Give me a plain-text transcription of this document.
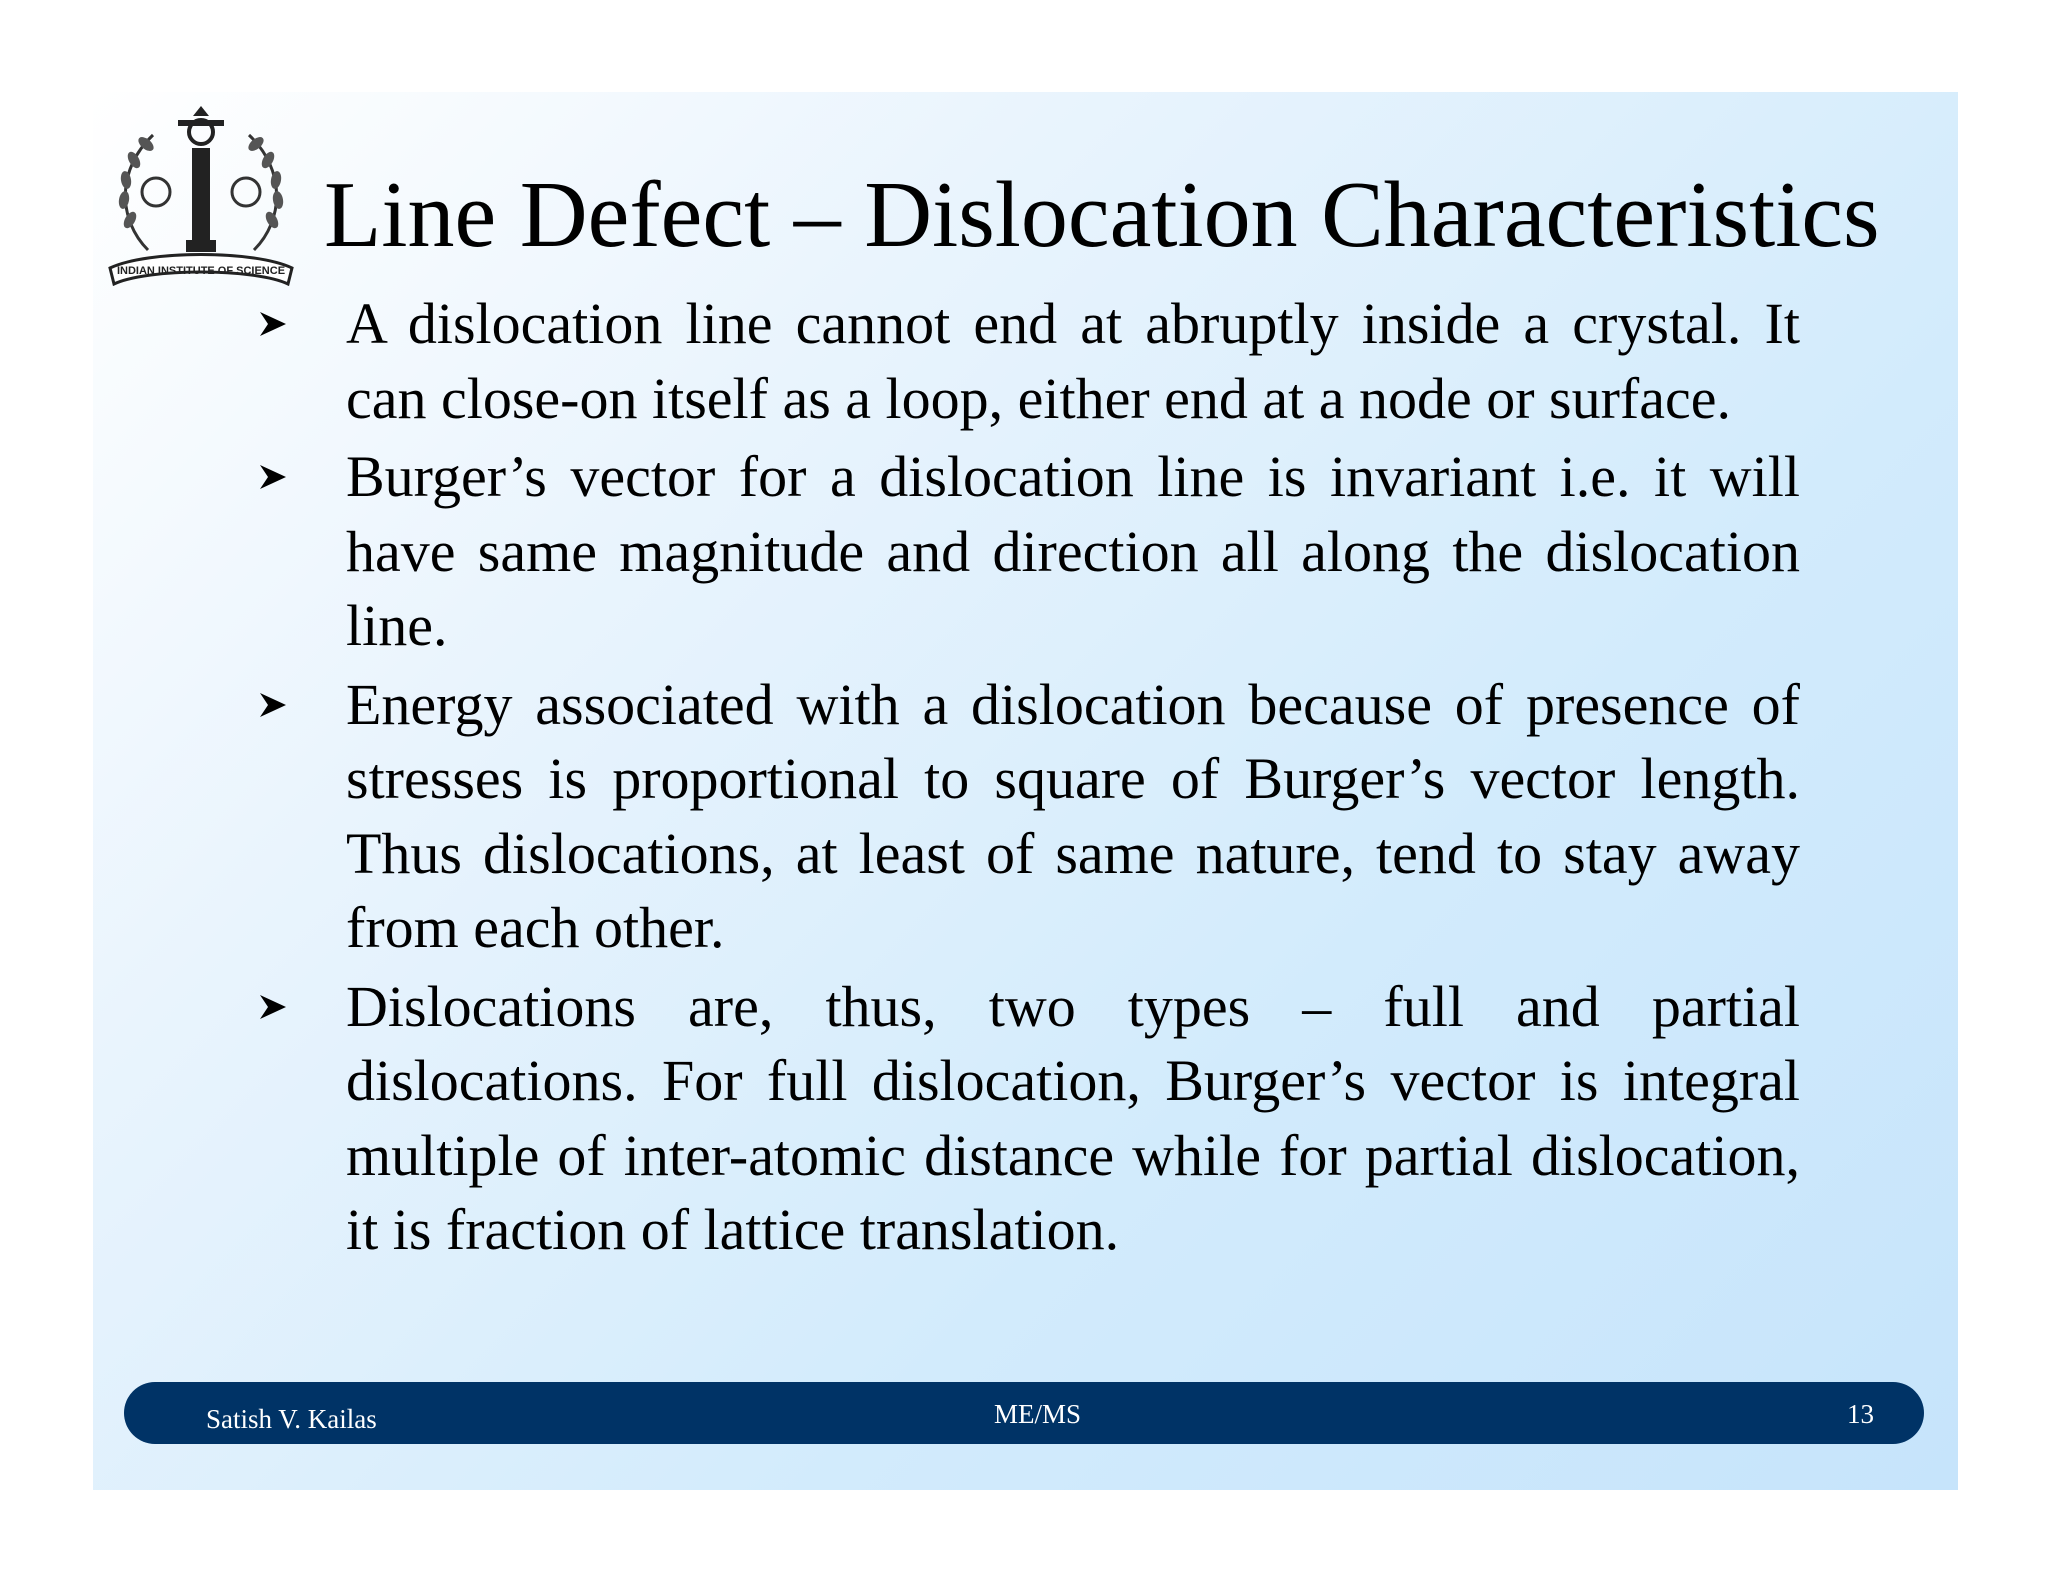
INDIAN INSTITUTE OF SCIENCE
Line Defect – Dislocation Characteristics
A dislocation line cannot end at abruptly inside a crystal. It can close-on itself as a loop, either end at a node or surface.
Burger’s vector for a dislocation line is invariant i.e. it will have same magnitude and direction all along the dislocation line.
Energy associated with a dislocation because of presence of stresses is proportional to square of Burger’s vector length. Thus dislocations, at least of same nature, tend to stay away from each other.
Dislocations are, thus, two types – full and partial dislocations. For full dislocation, Burger’s vector is integral multiple of inter-atomic distance while for partial dislocation, it is fraction of lattice translation.
Satish V. Kailas	ME/MS	13
